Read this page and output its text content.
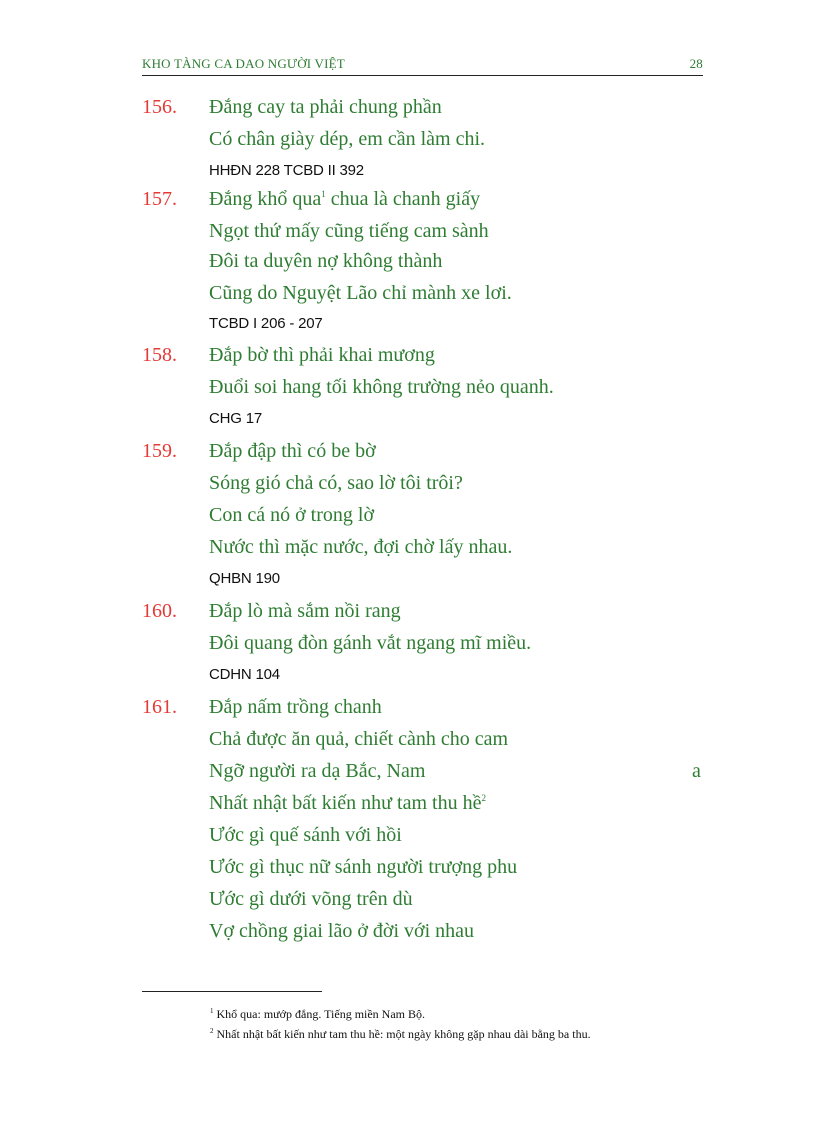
KHO TÀNG CA DAO NGƯỜI VIỆT	28
156. Đắng cay ta phải chung phần
Có chân giày dép, em cần làm chi.
HHĐN 228 TCBD II 392
157. Đắng khổ qua$^1$ chua là chanh giấy
Ngọt thứ mấy cũng tiếng cam sành
Đôi ta duyên nợ không thành
Cũng do Nguyệt Lão chỉ mành xe lơi.
TCBD I 206 - 207
158. Đắp bờ thì phải khai mương
Đuổi soi hang tối không trường nẻo quanh.
CHG 17
159. Đắp đập thì có be bờ
Sóng gió chả có, sao lờ tôi trôi?
Con cá nó ở trong lờ
Nước thì mặc nước, đợi chờ lấy nhau.
QHBN 190
160. Đắp lò mà sắm nồi rang
Đôi quang đòn gánh vắt ngang mĩ miều.
CDHN 104
161. Đắp nấm trồng chanh
Chả được ăn quả, chiết cành cho cam
Ngỡ người ra dạ Bắc, Nam
Nhất nhật bất kiến như tam thu hề$^2$
Ước gì quế sánh với hồi
Ước gì thục nữ sánh người trượng phu
Ước gì dưới võng trên dù
Vợ chồng giai lão ở đời với nhau
a
$^1$ Khổ qua: mướp đắng. Tiếng miền Nam Bộ.
$^2$ Nhất nhật bất kiến như tam thu hề: một ngày không gặp nhau dài bằng ba thu.
